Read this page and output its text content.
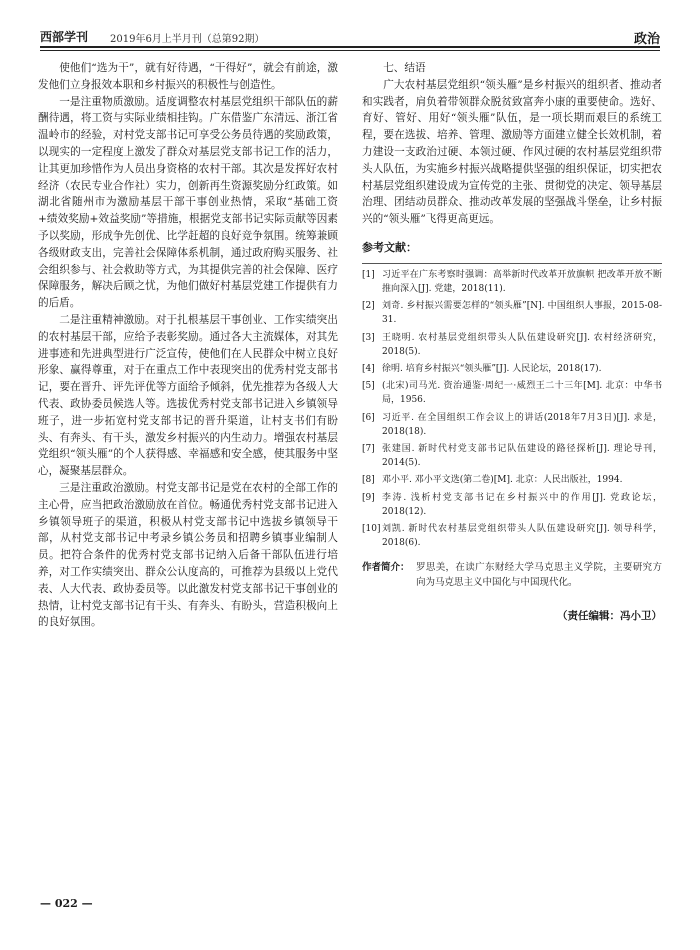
西部学刊 2019年6月上半月刊（总第92期）	政治

使他们“选为干”，就有好待遇，“干得好”，就会有前途，激发他们立身报效本职和乡村振兴的积极性与创造性。

一是注重物质激励。适度调整农村基层党组织干部队伍的薪酬待遇，将工资与实际业绩相挂钩。广东借鉴广东清远、浙江省温岭市的经验，对村党支部书记可享受公务员待遇的奖励政策，以现实的一定程度上激发了群众对基层党支部书记工作的活力，让其更加珍惜作为人员出身资格的农村干部。其次是发挥好农村经济（农民专业合作社）实力，创新再生资源奖励分红政策。如湖北省随州市为激励基层干部干事创业热情，采取“基础工资+绩效奖励+效益奖励”等措施，根据党支部书记实际贡献等因素予以奖励，形成争先创优、比学赶超的良好竞争氛围。统筹兼顾各级财政支出，完善社会保障体系机制，通过政府购买服务、社会组织参与、社会救助等方式，为其提供完善的社会保障、医疗保障服务，解决后顾之忧，为他们做好村基层党建工作提供有力的后盾。

二是注重精神激励。对于扎根基层干事创业、工作实绩突出的农村基层干部，应给予表彰奖励。通过各大主流媒体，对其先进事迹和先进典型进行广泛宣传，使他们在人民群众中树立良好形象、赢得尊重，对于在重点工作中表现突出的优秀村党支部书记，要在晋升、评先评优等方面给予倾斜，优先推荐为各级人大代表、政协委员候选人等。选拔优秀村党支部书记进入乡镇领导班子，进一步拓宽村党支部书记的晋升渠道，让村支书们有盼头、有奔头、有干头，激发乡村振兴的内生动力。增强农村基层党组织“领头雁”的个人获得感、幸福感和安全感，使其服务中坚心，凝聚基层群众。

三是注重政治激励。村党支部书记是党在农村的全部工作的主心骨，应当把政治激励放在首位。畅通优秀村党支部书记进入乡镇领导班子的渠道，积极从村党支部书记中选拔乡镇领导干部，从村党支部书记中考录乡镇公务员和招聘乡镇事业编制人员。把符合条件的优秀村党支部书记纳入后备干部队伍进行培养，对工作实绩突出、群众公认度高的，可推荐为县级以上党代表、人大代表、政协委员等。以此激发村党支部书记干事创业的热情，让村党支部书记有干头、有奔头、有盼头，营造积极向上的良好氛围。

七、结语

广大农村基层党组织“领头雁”是乡村振兴的组织者、推动者和实践者，肩负着带领群众脱贫致富奔小康的重要使命。选好、育好、管好、用好“领头雁”队伍，是一项长期而艰巨的系统工程，要在选拔、培养、管理、激励等方面建立健全长效机制，着力建设一支政治过硬、本领过硬、作风过硬的农村基层党组织带头人队伍，为实施乡村振兴战略提供坚强的组织保证，切实把农村基层党组织建设成为宣传党的主张、贯彻党的决定、领导基层治理、团结动员群众、推动改革发展的坚强战斗堡垒，让乡村振兴的“领头雁”飞得更高更远。

参考文献：
[1] 习近平在广东考察时强调：高举新时代改革开放旗帜 把改革开放不断推向深入[J]. 党建，2018(11).
[2] 刘奇. 乡村振兴需要怎样的“领头雁”[N]. 中国组织人事报，2015-08-31.
[3] 王晓明. 农村基层党组织带头人队伍建设研究[J]. 农村经济研究，2018(5).
[4] 徐明. 培育乡村振兴“领头雁”[J]. 人民论坛，2018(17).
[5] (北宋)司马光. 资治通鉴·周纪一·威烈王二十三年[M]. 北京：中华书局，1956.
[6] 习近平. 在全国组织工作会议上的讲话(2018年7月3日)[J]. 求是，2018(18).
[7] 张建国. 新时代村党支部书记队伍建设的路径探析[J]. 理论导刊，2014(5).
[8] 邓小平. 邓小平文选(第二卷)[M]. 北京：人民出版社，1994.
[9] 李涛. 浅析村党支部书记在乡村振兴中的作用[J]. 党政论坛，2018(12).
[10] 刘凯. 新时代农村基层党组织带头人队伍建设研究[J]. 领导科学，2018(6).
作者简介： 罗思美，在读广东财经大学马克思主义学院，主要研究方向为马克思主义中国化与中国现代化。
（责任编辑：冯小卫）
— 022 —
